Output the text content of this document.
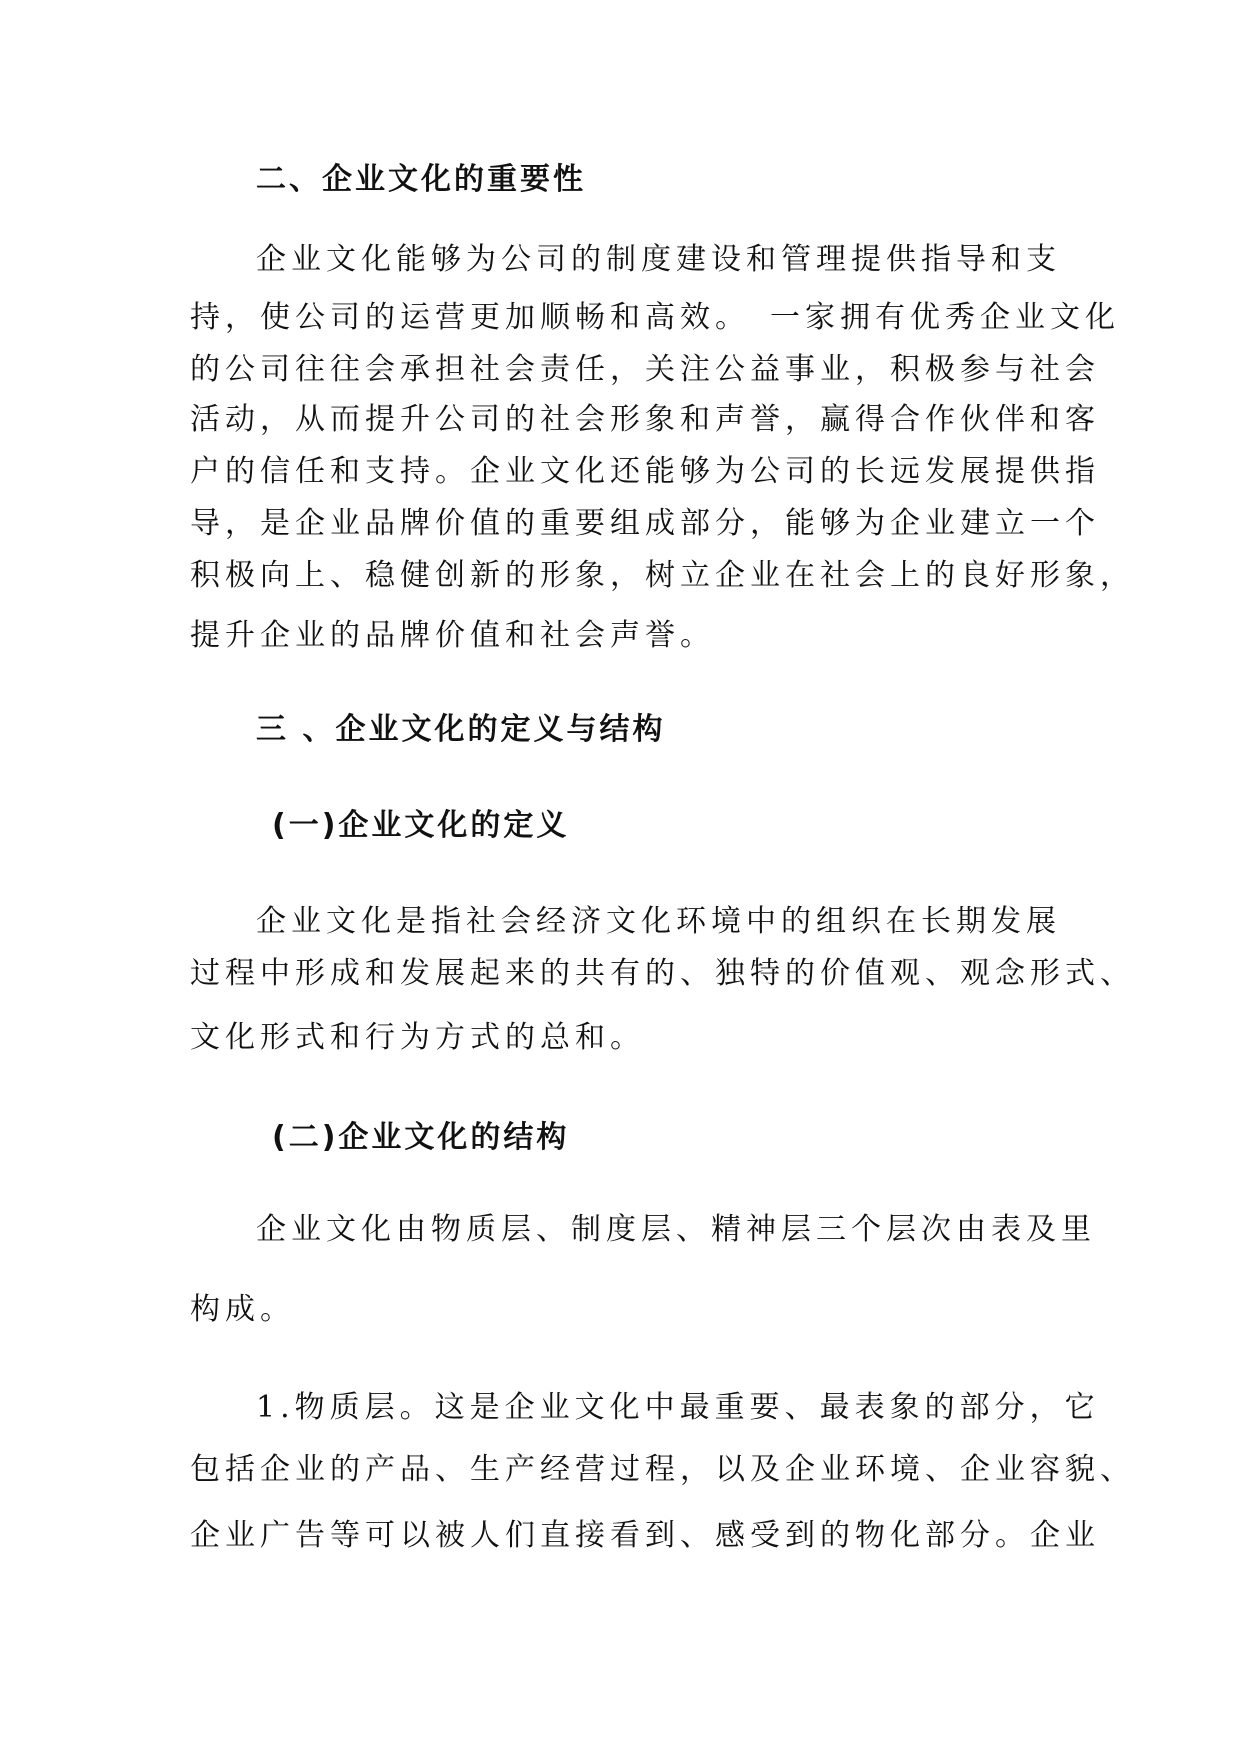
二、企业文化的重要性
企业文化能够为公司的制度建设和管理提供指导和支
持，使公司的运营更加顺畅和高效。　一家拥有优秀企业文化
的公司往往会承担社会责任，关注公益事业，积极参与社会
活动，从而提升公司的社会形象和声誉，赢得合作伙伴和客
户的信任和支持。企业文化还能够为公司的长远发展提供指
导，是企业品牌价值的重要组成部分，能够为企业建立一个
积极向上、稳健创新的形象，树立企业在社会上的良好形象，
提升企业的品牌价值和社会声誉。
三 、企业文化的定义与结构
(一)企业文化的定义
企业文化是指社会经济文化环境中的组织在长期发展
过程中形成和发展起来的共有的、独特的价值观、观念形式、
文化形式和行为方式的总和。
(二)企业文化的结构
企业文化由物质层、制度层、精神层三个层次由表及里
构成。
1.物质层。这是企业文化中最重要、最表象的部分，它
包括企业的产品、生产经营过程，以及企业环境、企业容貌、
企业广告等可以被人们直接看到、感受到的物化部分。企业
